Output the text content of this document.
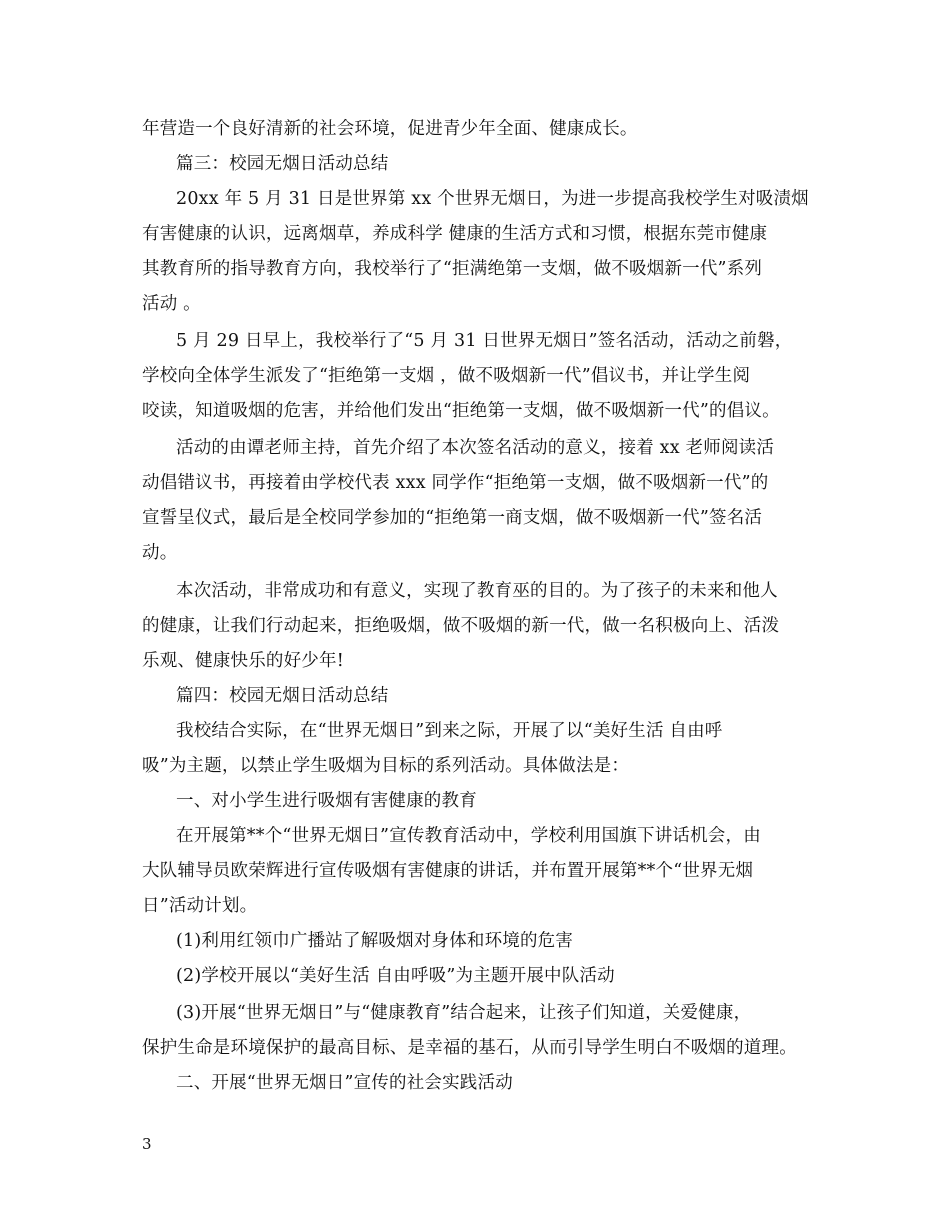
年营造一个良好清新的社会环境，促进青少年全面、健康成长。
篇三：校园无烟日活动总结
20xx 年 5 月 31 日是世界第 xx 个世界无烟日，为进一步提高我校学生对吸渍烟
有害健康的认识，远离烟草，养成科学 健康的生活方式和习惯，根据东莞市健康
其教育所的指导教育方向，我校举行了“拒满绝第一支烟，做不吸烟新一代”系列
活动 。
5 月 29 日早上，我校举行了“5 月 31 日世界无烟日”签名活动，活动之前磐，
学校向全体学生派发了“拒绝第一支烟 ，做不吸烟新一代”倡议书，并让学生阅
咬读，知道吸烟的危害，并给他们发出“拒绝第一支烟，做不吸烟新一代”的倡议。
活动的由谭老师主持，首先介绍了本次签名活动的意义，接着 xx 老师阅读活
动倡错议书，再接着由学校代表 xxx 同学作“拒绝第一支烟，做不吸烟新一代”的
宣誓呈仪式，最后是全校同学参加的“拒绝第一商支烟，做不吸烟新一代”签名活
动。
本次活动，非常成功和有意义，实现了教育巫的目的。为了孩子的未来和他人
的健康，让我们行动起来，拒绝吸烟，做不吸烟的新一代，做一名积极向上、活泼
乐观、健康快乐的好少年!
篇四：校园无烟日活动总结
我校结合实际，在“世界无烟日”到来之际，开展了以“美好生活 自由呼
吸”为主题，以禁止学生吸烟为目标的系列活动。具体做法是：
一、对小学生进行吸烟有害健康的教育
在开展第**个“世界无烟日”宣传教育活动中，学校利用国旗下讲话机会，由
大队辅导员欧荣辉进行宣传吸烟有害健康的讲话，并布置开展第**个“世界无烟
日”活动计划。
(1)利用红领巾广播站了解吸烟对身体和环境的危害
(2)学校开展以“美好生活 自由呼吸”为主题开展中队活动
(3)开展“世界无烟日”与“健康教育”结合起来，让孩子们知道，关爱健康，
保护生命是环境保护的最高目标、是幸福的基石，从而引导学生明白不吸烟的道理。
二、开展“世界无烟日”宣传的社会实践活动
3
